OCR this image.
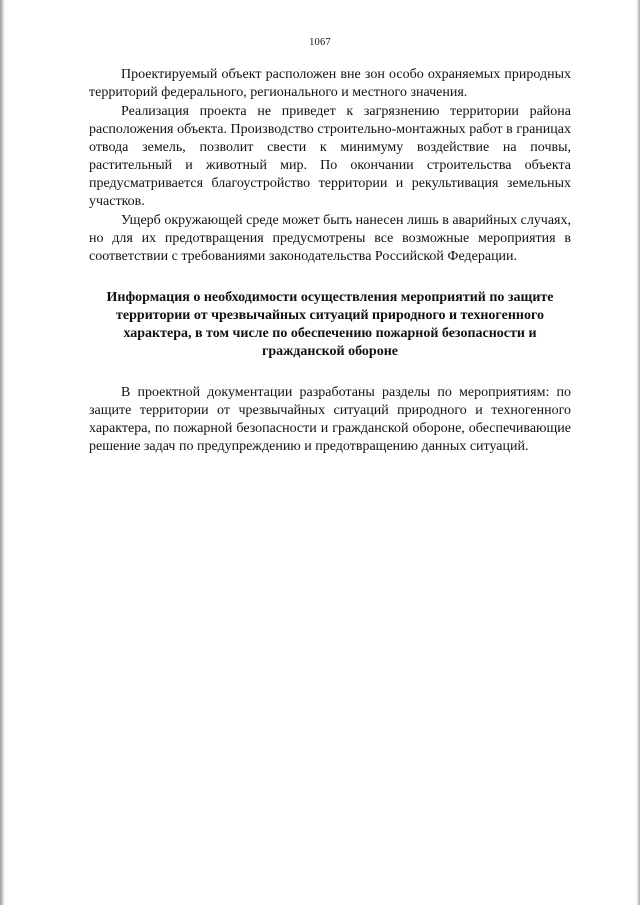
1067

Проектируемый объект расположен вне зон особо охраняемых природных территорий федерального, регионального и местного значения.

Реализация проекта не приведет к загрязнению территории района расположения объекта. Производство строительно-монтажных работ в границах отвода земель, позволит свести к минимуму воздействие на почвы, растительный и животный мир. По окончании строительства объекта предусматривается благоустройство территории и рекультивация земельных участков.

Ущерб окружающей среде может быть нанесен лишь в аварийных случаях, но для их предотвращения предусмотрены все возможные мероприятия в соответствии с требованиями законодательства Российской Федерации.

Информация о необходимости осуществления мероприятий по защите территории от чрезвычайных ситуаций природного и техногенного характера, в том числе по обеспечению пожарной безопасности и гражданской обороне

В проектной документации разработаны разделы по мероприятиям: по защите территории от чрезвычайных ситуаций природного и техногенного характера, по пожарной безопасности и гражданской обороне, обеспечивающие решение задач по предупреждению и предотвращению данных ситуаций.
